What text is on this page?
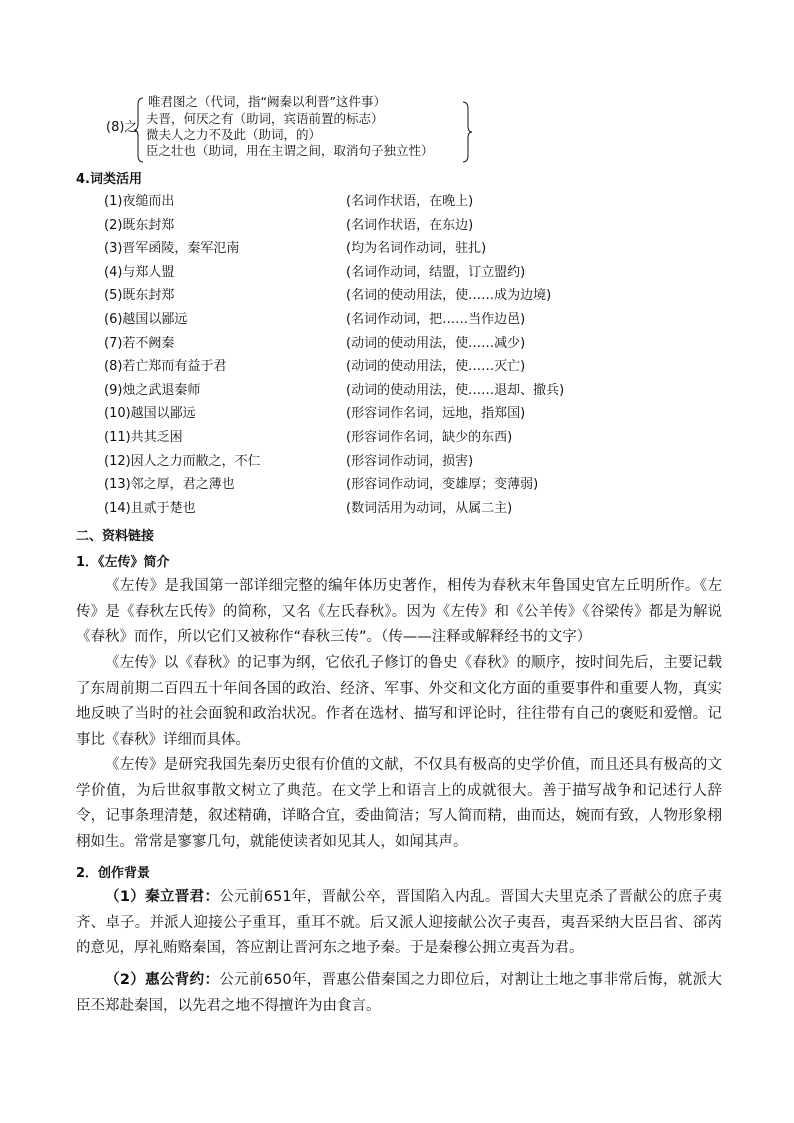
(8)之
唯君图之（代词，指“阙秦以利晋”这件事）
夫晋，何厌之有（助词，宾语前置的标志）
微夫人之力不及此（助词，的）
臣之壮也（助词，用在主谓之间，取消句子独立性）
4.词类活用
(1)夜缒而出	(名词作状语，在晚上)
(2)既东封郑	(名词作状语，在东边)
(3)晋军函陵，秦军氾南	(均为名词作动词，驻扎)
(4)与郑人盟	(名词作动词，结盟，订立盟约)
(5)既东封郑	(名词的使动用法，使……成为边境)
(6)越国以鄙远	(名词作动词，把……当作边邑)
(7)若不阙秦	(动词的使动用法，使……减少)
(8)若亡郑而有益于君	(动词的使动用法，使……灭亡)
(9)烛之武退秦师	(动词的使动用法，使……退却、撤兵)
(10)越国以鄙远	(形容词作名词，远地，指郑国)
(11)共其乏困	(形容词作名词，缺少的东西)
(12)因人之力而敝之，不仁	(形容词作动词，损害)
(13)邻之厚，君之薄也	(形容词作动词，变雄厚；变薄弱)
(14)且贰于楚也	(数词活用为动词，从属二主)
二、资料链接
1．《左传》简介

《左传》是我国第一部详细完整的编年体历史著作，相传为春秋末年鲁国史官左丘明所作。《左传》是《春秋左氏传》的简称，又名《左氏春秋》。因为《左传》和《公羊传》《谷梁传》都是为解说《春秋》而作，所以它们又被称作“春秋三传”。（传——注释或解释经书的文字）

《左传》以《春秋》的记事为纲，它依孔子修订的鲁史《春秋》的顺序，按时间先后，主要记载了东周前期二百四五十年间各国的政治、经济、军事、外交和文化方面的重要事件和重要人物，真实地反映了当时的社会面貌和政治状况。作者在选材、描写和评论时，往往带有自己的褒贬和爱憎。记事比《春秋》详细而具体。

《左传》是研究我国先秦历史很有价值的文献，不仅具有极高的史学价值，而且还具有极高的文学价值，为后世叙事散文树立了典范。在文学上和语言上的成就很大。善于描写战争和记述行人辞令，记事条理清楚，叙述精确，详略合宜，委曲简洁；写人简而精，曲而达，婉而有致，人物形象栩栩如生。常常是寥寥几句，就能使读者如见其人，如闻其声。

2．创作背景

（1）秦立晋君：公元前651年，晋献公卒，晋国陷入内乱。晋国大夫里克杀了晋献公的庶子夷齐、卓子。并派人迎接公子重耳，重耳不就。后又派人迎接献公次子夷吾，夷吾采纳大臣吕省、郤芮的意见，厚礼贿赂秦国，答应割让晋河东之地予秦。于是秦穆公拥立夷吾为君。

（2）惠公背约：公元前650年，晋惠公借秦国之力即位后，对割让土地之事非常后悔，就派大臣丕郑赴秦国，以先君之地不得擅许为由食言。
